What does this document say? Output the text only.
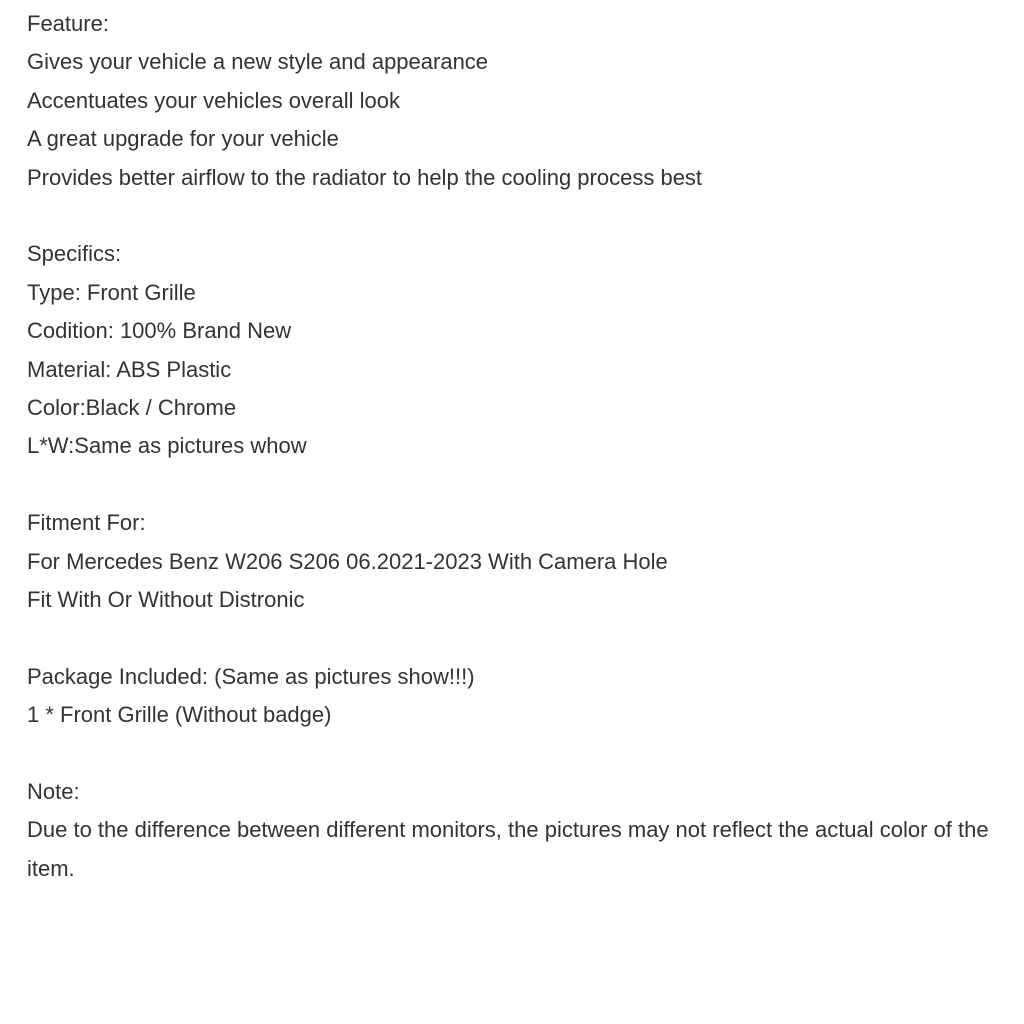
Feature:
Gives your vehicle a new style and appearance
Accentuates your vehicles overall look
A great upgrade for your vehicle
Provides better airflow to the radiator to help the cooling process best
Specifics:
Type: Front Grille
Codition: 100% Brand New
Material: ABS Plastic
Color:Black / Chrome
L*W:Same as pictures whow
Fitment For:
For Mercedes Benz W206 S206 06.2021-2023 With Camera Hole
Fit With Or Without Distronic
Package Included: (Same as pictures show!!!)
1 * Front Grille (Without badge)
Note:
Due to the difference between different monitors, the pictures may not reflect the actual color of the item.
